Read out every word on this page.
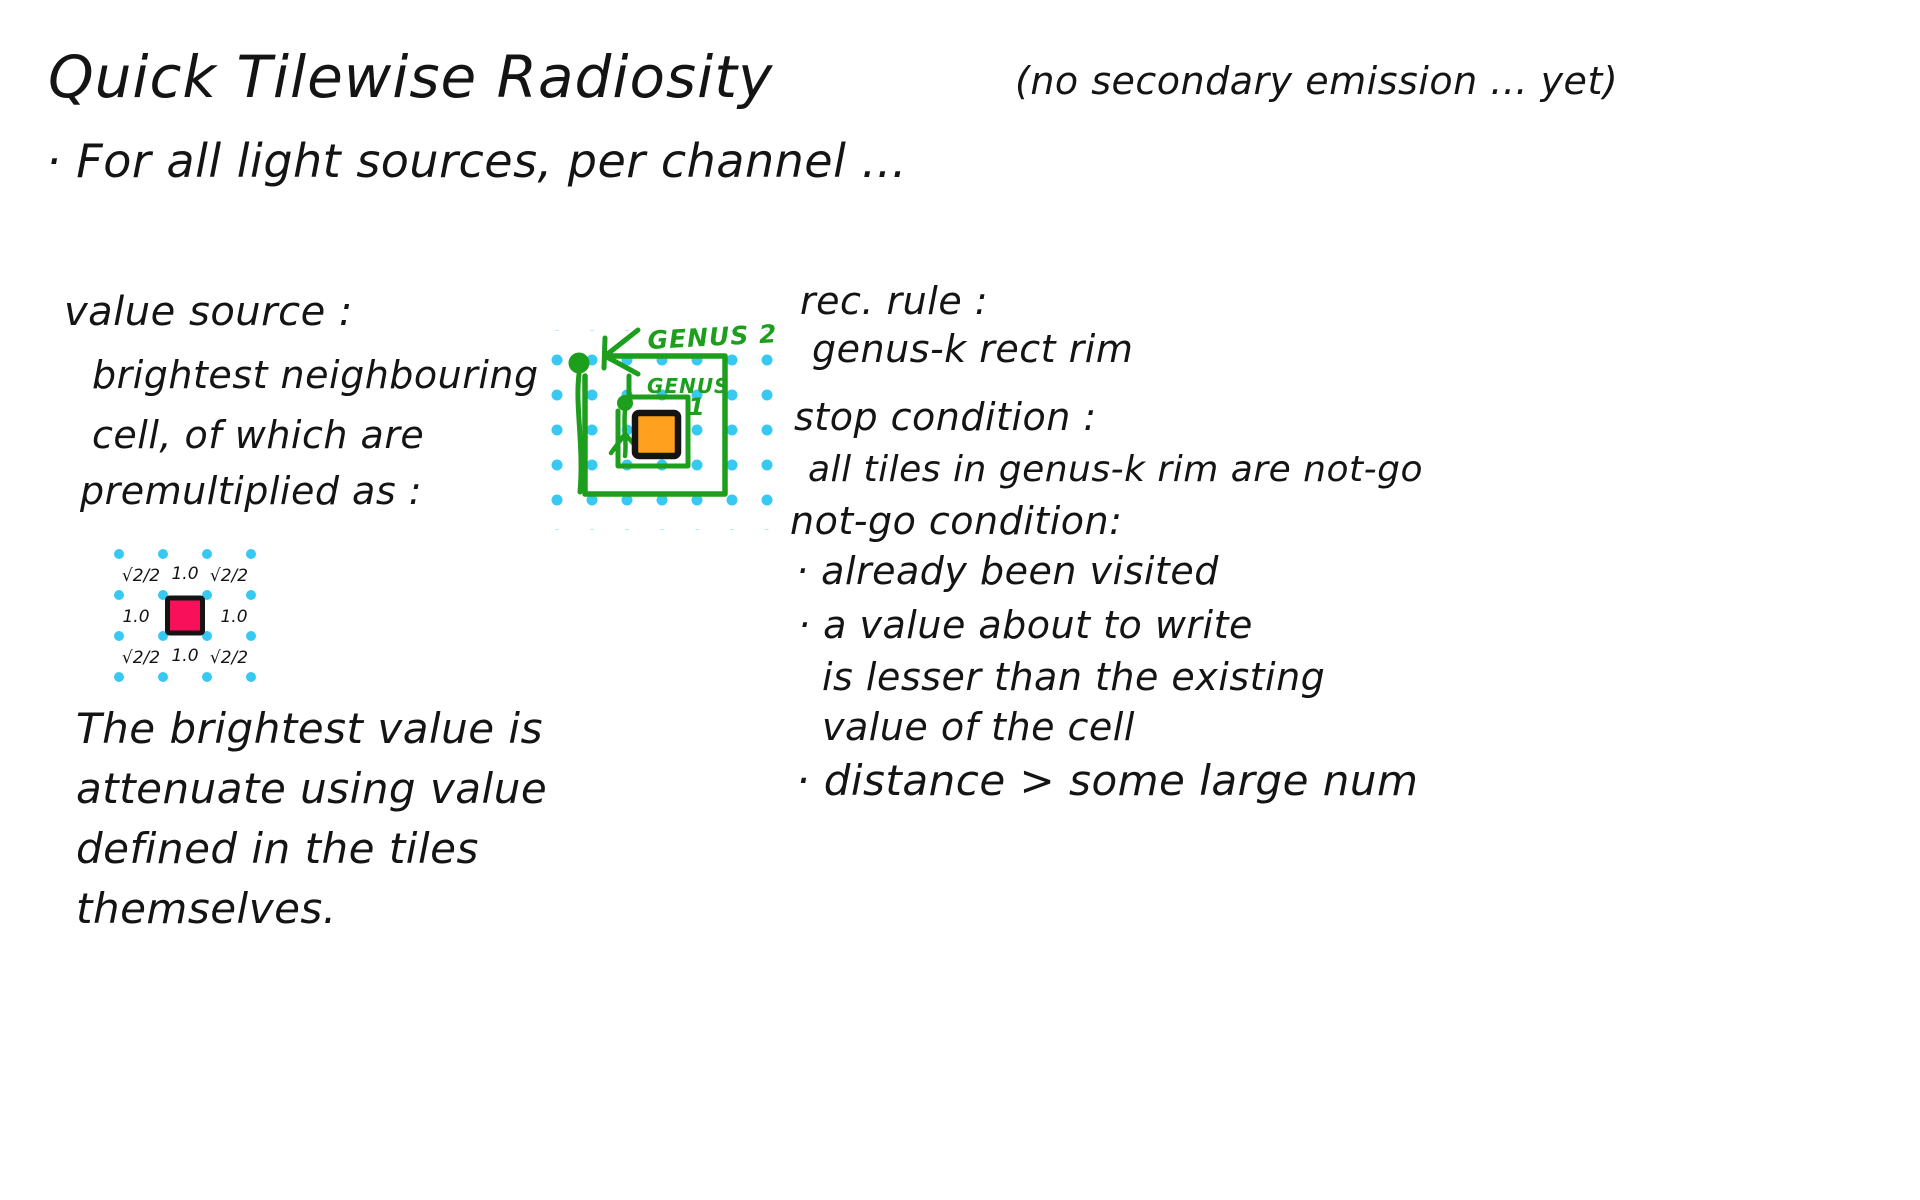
Quick Tilewise Radiosity	(no secondary emission ... yet)
· For all light sources, per channel ...
value source :
brightest neighbouring
cell, of which are
premultiplied as :
√2/2 1.0 √2/2
1.0	1.0
√2/2 1.0 √2/2
The brightest value is
attenuate using value
defined in the tiles
themselves.
GENUS 2
GENUS
1
rec. rule :
genus-k rect rim
stop condition :
all tiles in genus-k rim are not-go
not-go condition:
· already been visited
· a value about to write
is lesser than the existing
value of the cell
· distance > some large num
